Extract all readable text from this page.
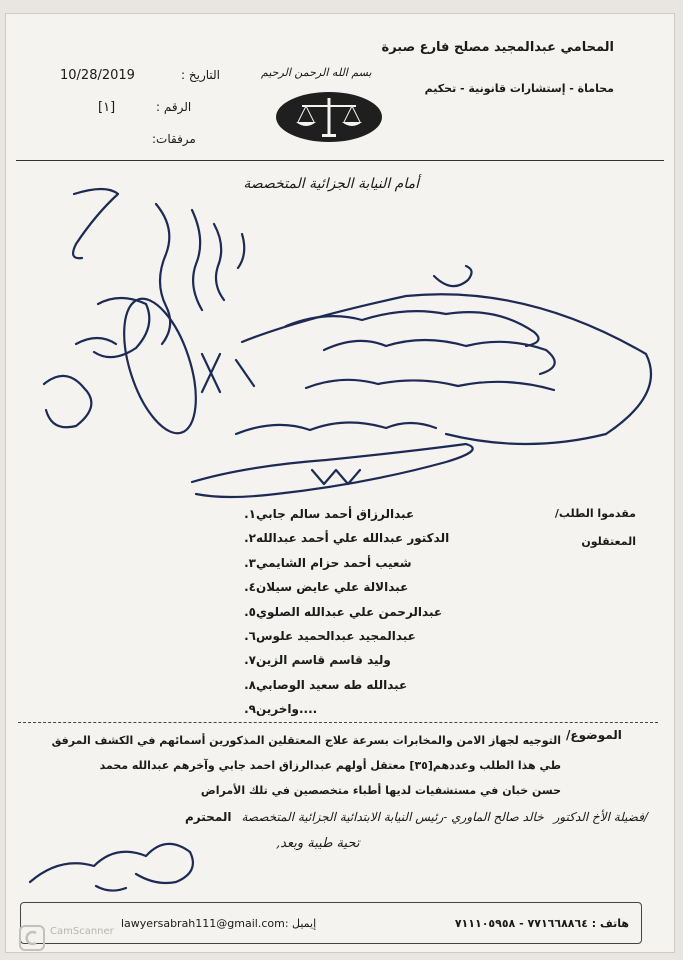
المحامي عبدالمجيد مصلح فارع صبرة
محاماة - إستشارات قانونية - تحكيم
بسم الله الرحمن الرحيم
التاريخ :
10/28/2019
الرقم :
[١]
مرفقات:
أمام النيابة الجزائية المتخصصة
مقدموا الطلب/
المعتقلون
١. عبدالرزاق أحمد سالم جابي
٢. الدكتور عبدالله علي أحمد عبدالله
٣. شعيب أحمد حزام الشايمي
٤. عبدالالة علي عايض سيلان
٥. عبدالرحمن علي عبدالله الصلوي
٦. عبدالمجيد عبدالحميد علوس
٧. وليد قاسم قاسم الزين
٨. عبدالله طه سعيد الوصابي
٩. ....واخرين
الموضوع/

التوجيه لجهاز الامن والمخابرات بسرعة علاج المعتقلين المذكورين أسمائهم في الكشف المرفق

طي هذا الطلب وعددهم[٣٥] معتقل أولهم عبدالرزاق احمد جابي وآخرهم عبدالله محمد

حسن خبان في مستشفيات لديها أطباء متخصصين في تلك الأمراض

فضيلة الأخ الدكتور/
خالد صالح الماوري -رئيس النيابة الابتدائية الجزائية المتخصصة
المحترم
تحية طيبة وبعد,
هاتف : ٧٧١٦٦٨٨٦٤ - ٧١١١٠٥٩٥٨
lawyersabrah111@gmail.com: إيميل
CamScanner
